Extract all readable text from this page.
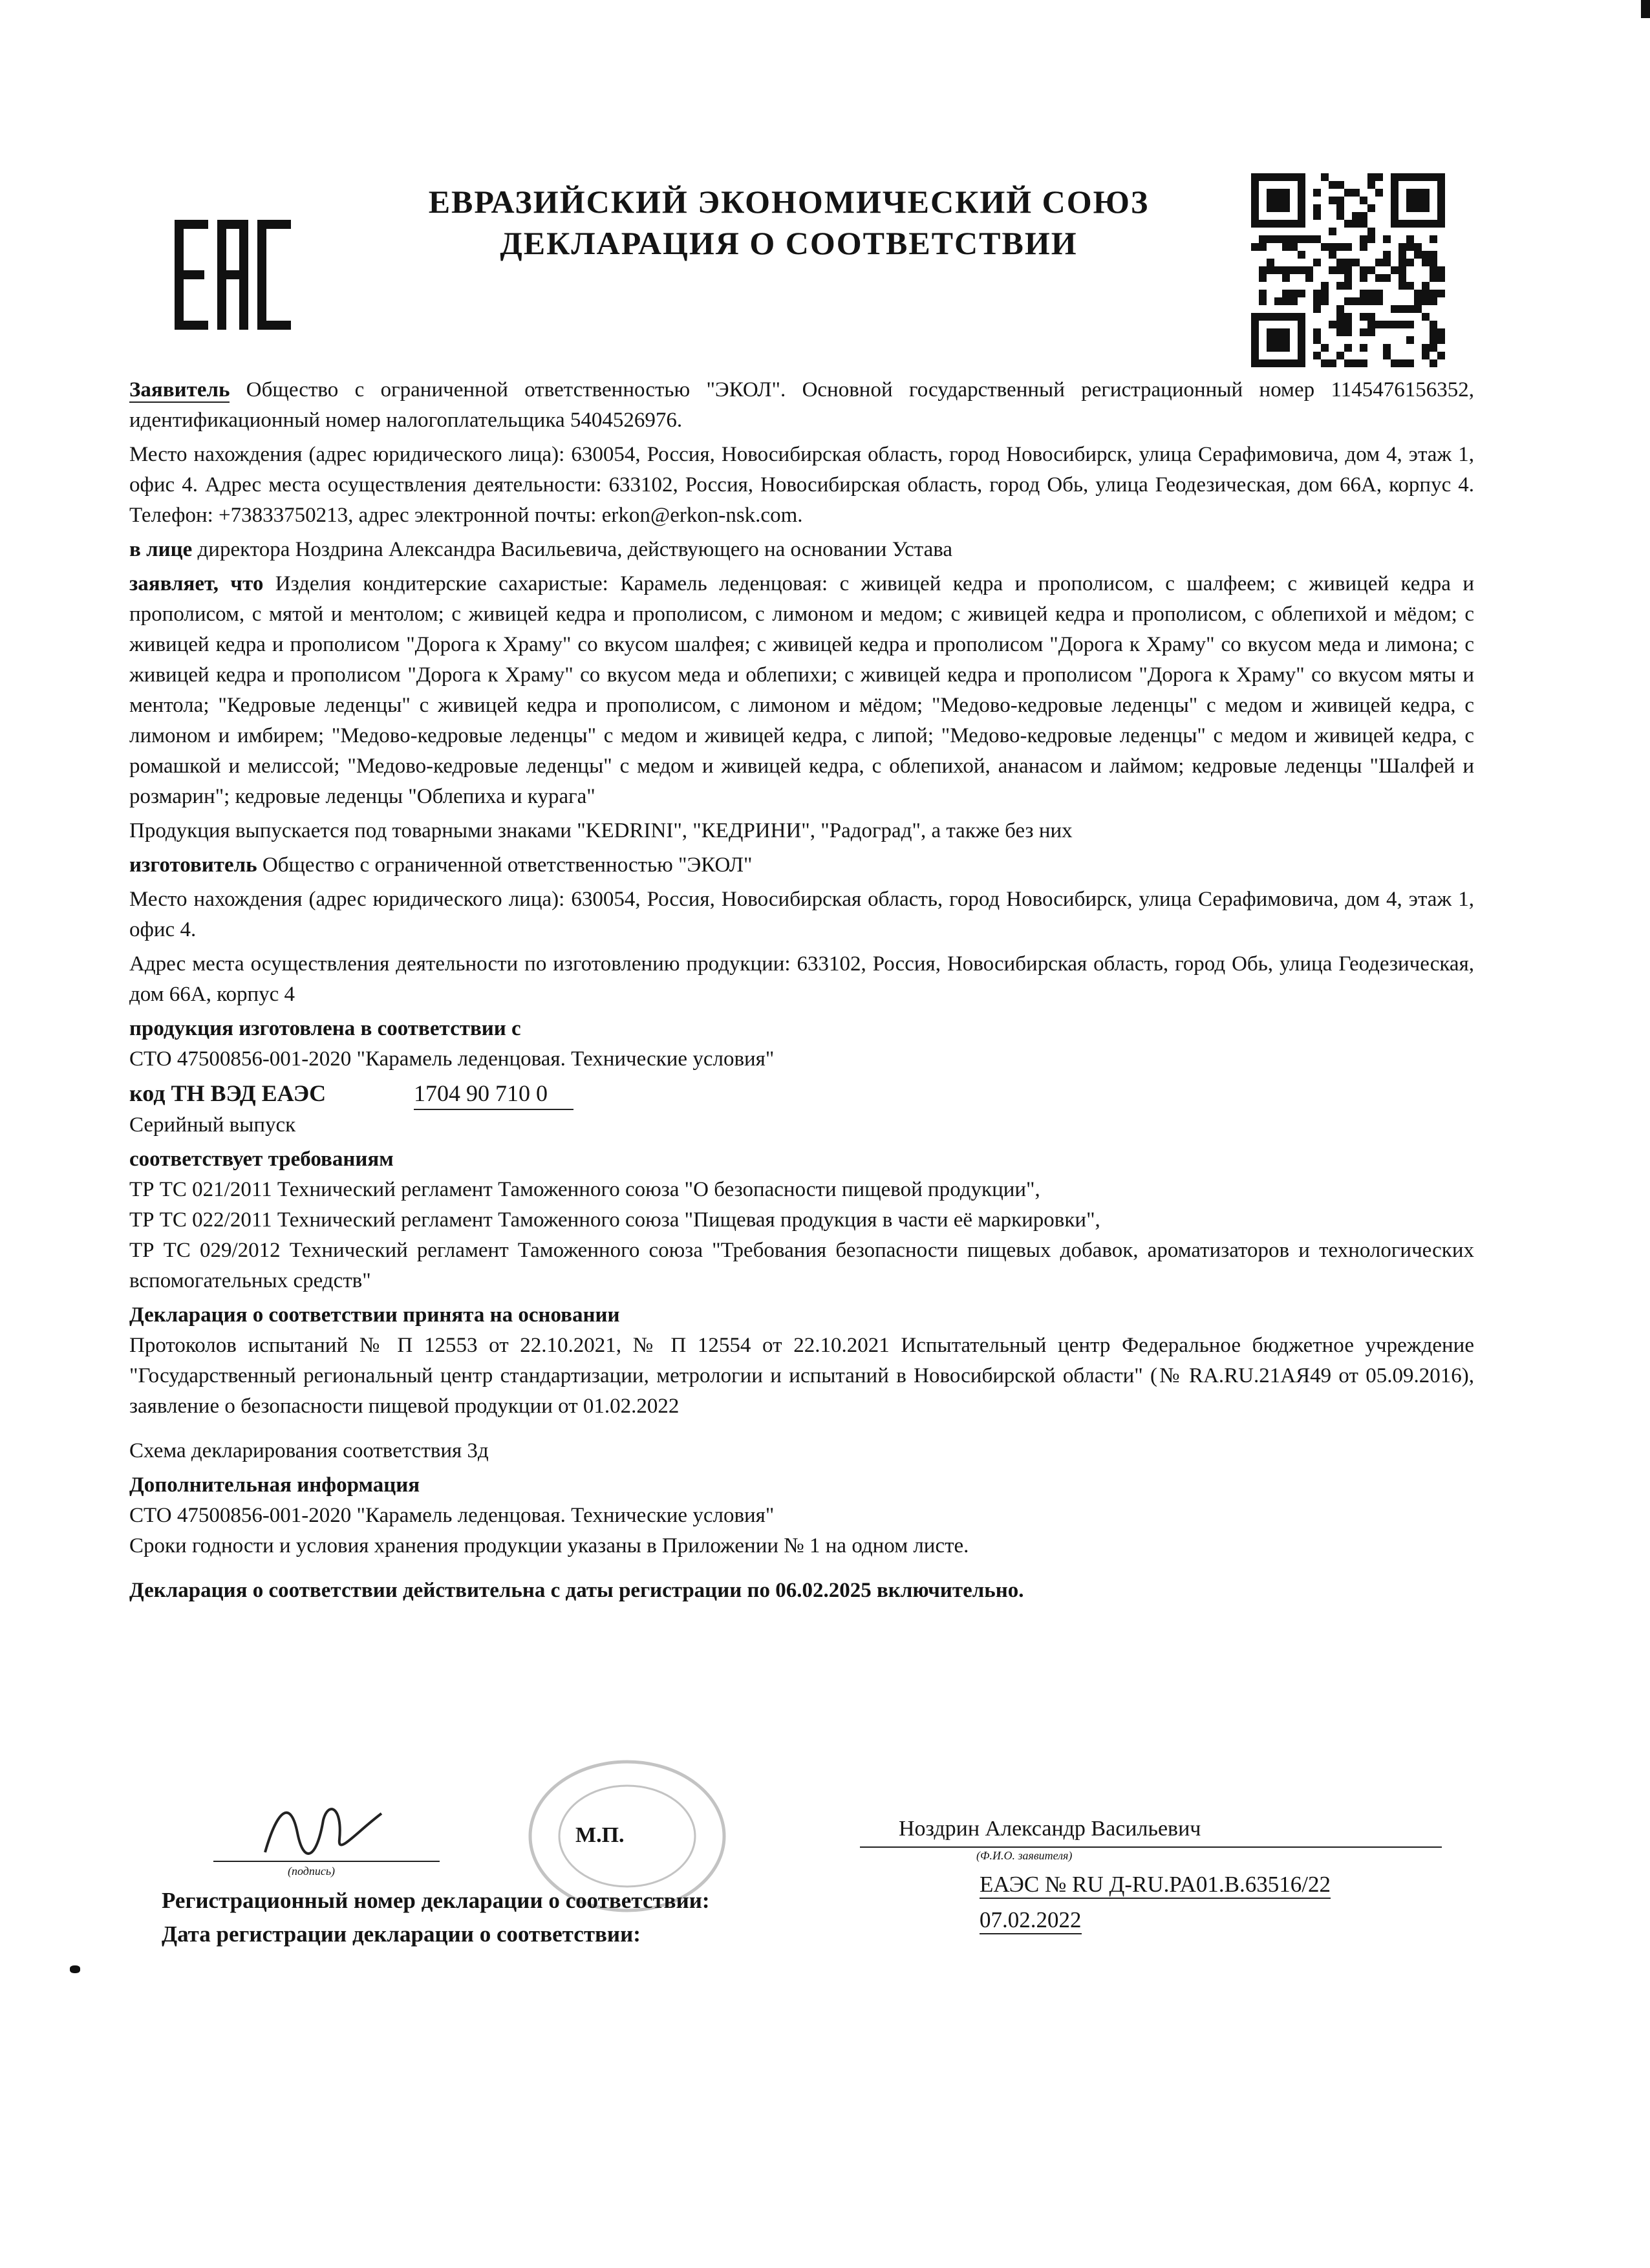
ЕВРАЗИЙСКИЙ ЭКОНОМИЧЕСКИЙ СОЮЗ
ДЕКЛАРАЦИЯ О СООТВЕТСТВИИ

Заявитель Общество с ограниченной ответственностью "ЭКОЛ". Основной государственный регистрационный номер 1145476156352, идентификационный номер налогоплательщика 5404526976.

Место нахождения (адрес юридического лица): 630054, Россия, Новосибирская область, город Новосибирск, улица Серафимовича, дом 4, этаж 1, офис 4. Адрес места осуществления деятельности: 633102, Россия, Новосибирская область, город Обь, улица Геодезическая, дом 66А, корпус 4. Телефон: +73833750213, адрес электронной почты: erkon@erkon-nsk.com.

в лице директора Ноздрина Александра Васильевича, действующего на основании Устава

заявляет, что Изделия кондитерские сахаристые: Карамель леденцовая: с живицей кедра и прополисом, с шалфеем; с живицей кедра и прополисом, с мятой и ментолом; с живицей кедра и прополисом, с лимоном и медом; с живицей кедра и прополисом, с облепихой и мёдом; с живицей кедра и прополисом "Дорога к Храму" со вкусом шалфея; с живицей кедра и прополисом "Дорога к Храму" со вкусом меда и лимона; с живицей кедра и прополисом "Дорога к Храму" со вкусом меда и облепихи; с живицей кедра и прополисом "Дорога к Храму" со вкусом мяты и ментола; "Кедровые леденцы" с живицей кедра и прополисом, с лимоном и мёдом; "Медово-кедровые леденцы" с медом и живицей кедра, с лимоном и имбирем; "Медово-кедровые леденцы" с медом и живицей кедра, с липой; "Медово-кедровые леденцы" с медом и живицей кедра, с ромашкой и мелиссой; "Медово-кедровые леденцы" с медом и живицей кедра, с облепихой, ананасом и лаймом; кедровые леденцы "Шалфей и розмарин"; кедровые леденцы "Облепиха и курага"

Продукция выпускается под товарными знаками "KEDRINI", "КЕДРИНИ", "Радоград", а также без них

изготовитель Общество с ограниченной ответственностью "ЭКОЛ"

Место нахождения (адрес юридического лица): 630054, Россия, Новосибирская область, город Новосибирск, улица Серафимовича, дом 4, этаж 1, офис 4.

Адрес места осуществления деятельности по изготовлению продукции: 633102, Россия, Новосибирская область, город Обь, улица Геодезическая, дом 66А, корпус 4

продукция изготовлена в соответствии с

СТО 47500856-001-2020 "Карамель леденцовая. Технические условия"

код ТН ВЭД ЕАЭС	1704 90 710 0

Серийный выпуск

соответствует требованиям

ТР ТС 021/2011 Технический регламент Таможенного союза "О безопасности пищевой продукции",

ТР ТС 022/2011 Технический регламент Таможенного союза "Пищевая продукция в части её маркировки",

ТР ТС 029/2012 Технический регламент Таможенного союза "Требования безопасности пищевых добавок, ароматизаторов и технологических вспомогательных средств"

Декларация о соответствии принята на основании

Протоколов испытаний № П 12553 от 22.10.2021, № П 12554 от 22.10.2021 Испытательный центр Федеральное бюджетное учреждение "Государственный региональный центр стандартизации, метрологии и испытаний в Новосибирской области" (№ RA.RU.21АЯ49 от 05.09.2016), заявление о безопасности пищевой продукции от 01.02.2022

Схема декларирования соответствия 3д

Дополнительная информация

СТО 47500856-001-2020 "Карамель леденцовая. Технические условия"

Сроки годности и условия хранения продукции указаны в Приложении № 1 на одном листе.

Декларация о соответствии действительна с даты регистрации по 06.02.2025 включительно.

М.П.
(подпись)
Ноздрин Александр Васильевич
(Ф.И.О. заявителя)
Регистрационный номер декларации о соответствии:
ЕАЭС № RU Д-RU.PA01.В.63516/22
Дата регистрации декларации о соответствии:
07.02.2022
